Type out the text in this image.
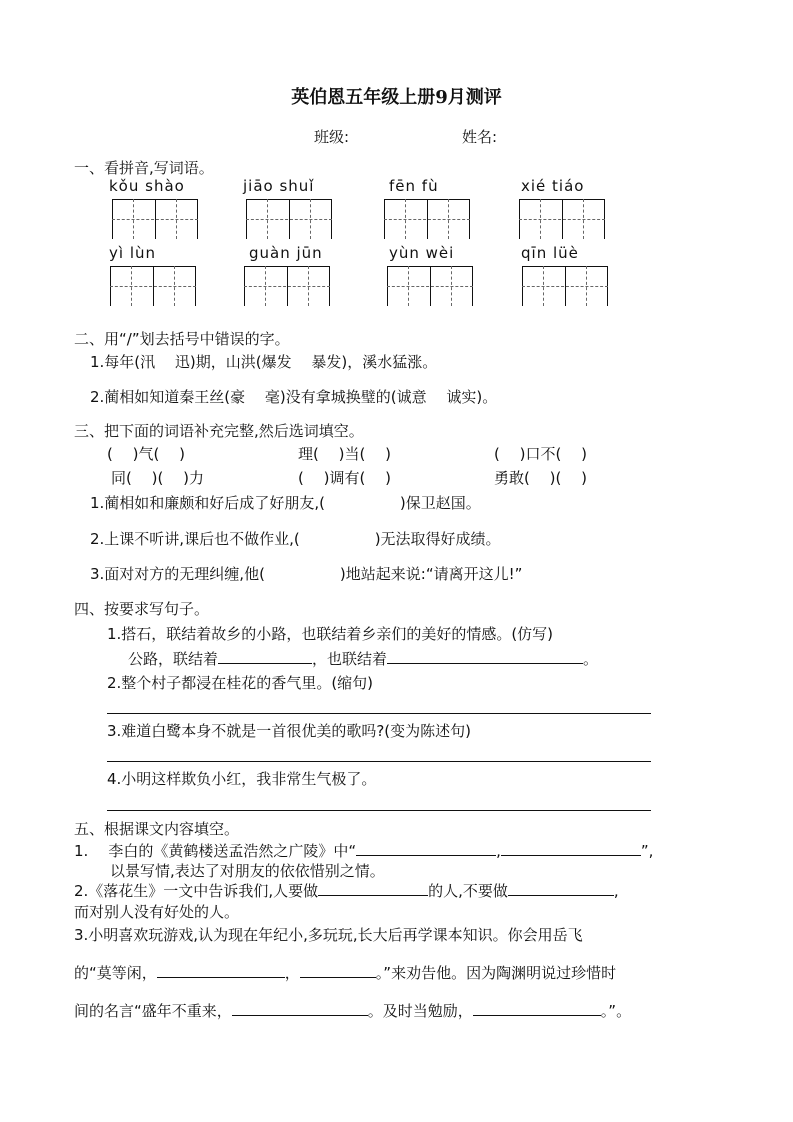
英伯恩五年级上册9月测评
班级:	姓名:
一、看拼音,写词语。
kǒu shào	jiāo shuǐ	fēn fù	xié tiáo
yì lùn	guàn jūn	yùn wèi	qīn lüè
二、用“/”划去括号中错误的字。
1.每年(汛　 迅)期，山洪(爆发　 暴发)，溪水猛涨。
2.蔺相如知道秦王丝(豪　 毫)没有拿城换璧的(诚意　 诚实)。
三、把下面的词语补充完整,然后选词填空。
(　 )气(　 )	理(　 )当(　 )	(　 )口不(　 )
同(　 )(　 )力	(　 )调有(　 )	勇敢(　 )(　 )
1.蔺相如和廉颇和好后成了好朋友,(　　　　　)保卫赵国。
2.上课不听讲,课后也不做作业,(　　　　　)无法取得好成绩。
3.面对对方的无理纠缠,他(　　　　　)地站起来说:“请离开这儿!”
四、按要求写句子。
1.搭石，联结着故乡的小路，也联结着乡亲们的美好的情感。(仿写)
公路，联结着	，也联结着	。
2.整个村子都浸在桂花的香气里。(缩句)
3.难道白鹭本身不就是一首很优美的歌吗?(变为陈述句)
4.小明这样欺负小红，我非常生气极了。
五、根据课文内容填空。
1. 李白的《黄鹤楼送孟浩然之广陵》中“	,	”,
以景写情,表达了对朋友的依依惜别之情。
2.《落花生》一文中告诉我们,人要做	的人,不要做	,
而对别人没有好处的人。
3.小明喜欢玩游戏,认为现在年纪小,多玩玩,长大后再学课本知识。你会用岳飞
的“莫等闲，	，	。”来劝告他。因为陶渊明说过珍惜时
间的名言“盛年不重来，	。及时当勉励，	。”。
